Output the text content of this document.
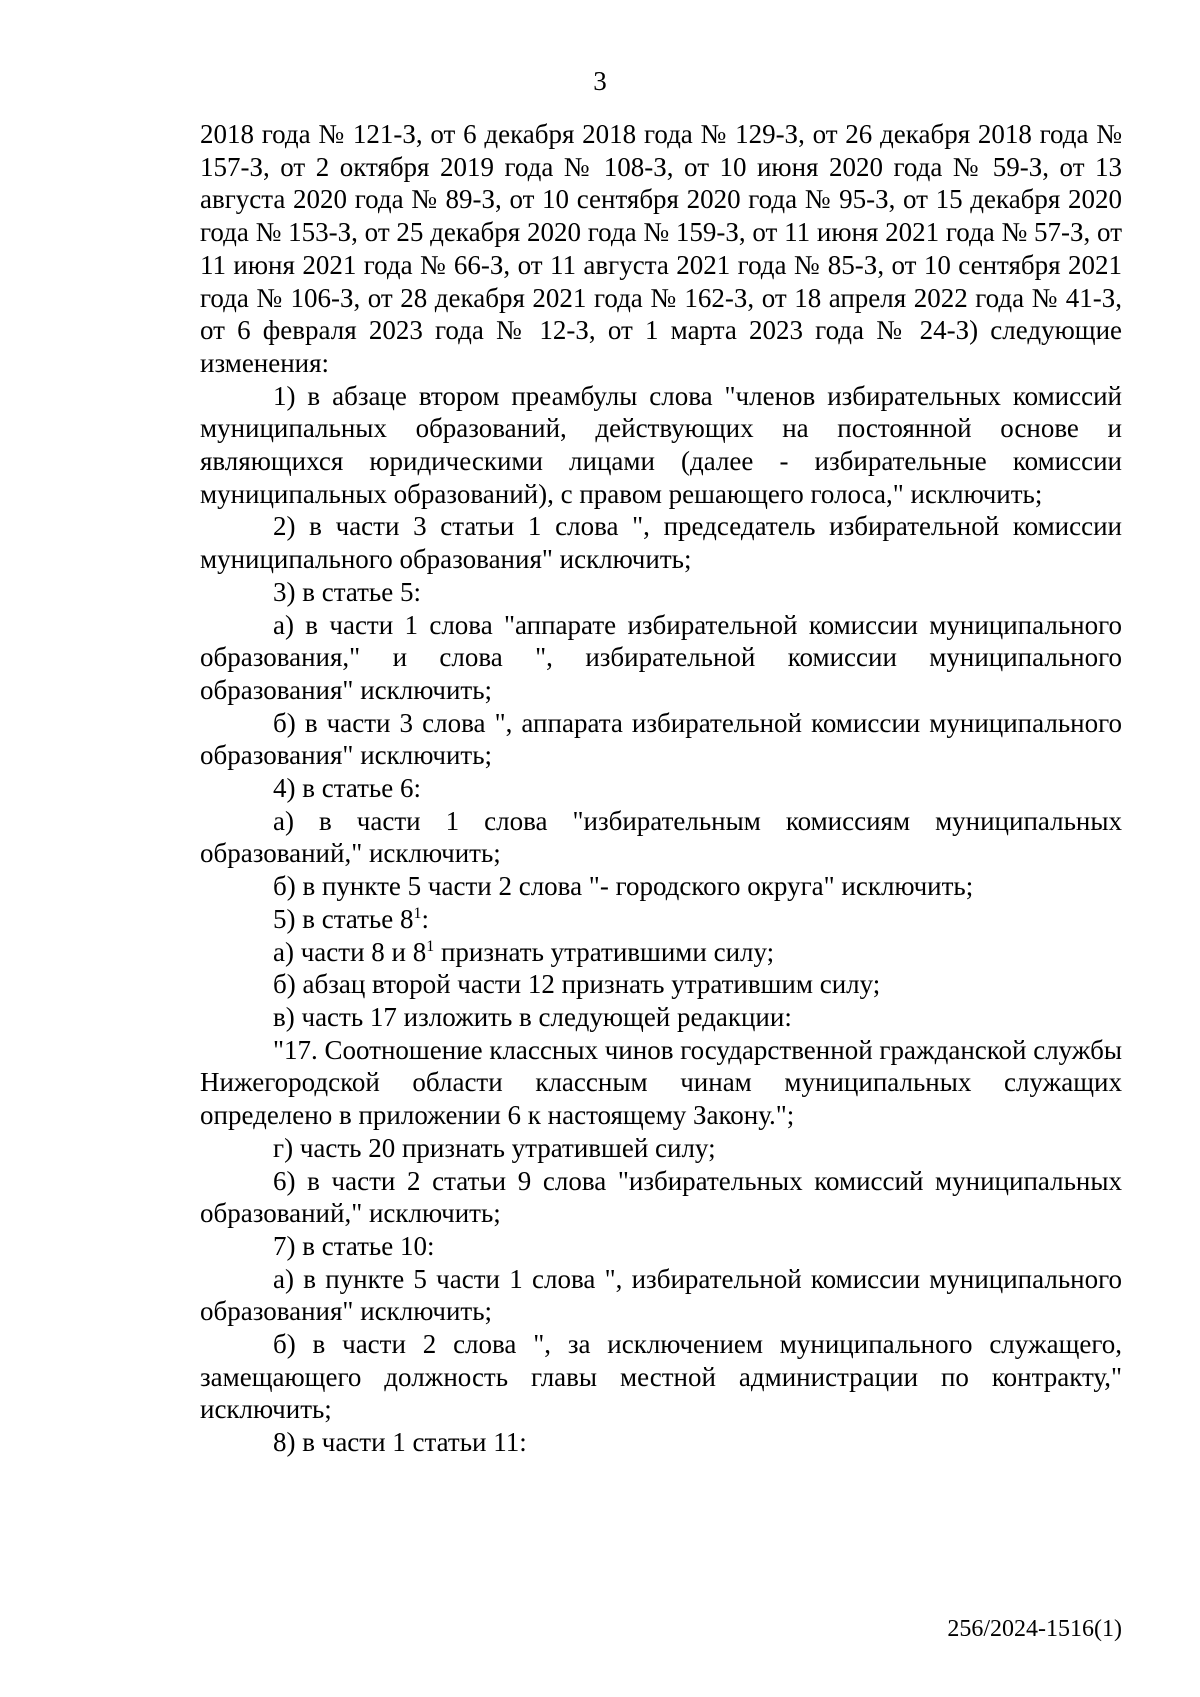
3

2018 года № 121-З, от 6 декабря 2018 года № 129-З, от 26 декабря 2018 года № 157-З, от 2 октября 2019 года № 108-З, от 10 июня 2020 года № 59-З, от 13 августа 2020 года № 89-З, от 10 сентября 2020 года № 95-З, от 15 декабря 2020 года № 153-З, от 25 декабря 2020 года № 159-З, от 11 июня 2021 года № 57-З, от 11 июня 2021 года № 66-З, от 11 августа 2021 года № 85-З, от 10 сентября 2021 года № 106-З, от 28 декабря 2021 года № 162-З, от 18 апреля 2022 года № 41-З, от 6 февраля 2023 года № 12-З, от 1 марта 2023 года № 24-З) следующие изменения:

1) в абзаце втором преамбулы слова "членов избирательных комиссий муниципальных образований, действующих на постоянной основе и являющихся юридическими лицами (далее - избирательные комиссии муниципальных образований), с правом решающего голоса," исключить;

2) в части 3 статьи 1 слова ", председатель избирательной комиссии муниципального образования" исключить;

3) в статье 5:

а) в части 1 слова "аппарате избирательной комиссии муниципального образования," и слова ", избирательной комиссии муниципального образования" исключить;

б) в части 3 слова ", аппарата избирательной комиссии муниципального образования" исключить;

4) в статье 6:

а) в части 1 слова "избирательным комиссиям муниципальных образований," исключить;

б) в пункте 5 части 2 слова "- городского округа" исключить;

5) в статье $8^1$:

а) части 8 и $8^1$ признать утратившими силу;

б) абзац второй части 12 признать утратившим силу;

в) часть 17 изложить в следующей редакции:

"17. Соотношение классных чинов государственной гражданской службы Нижегородской области классным чинам муниципальных служащих определено в приложении 6 к настоящему Закону.";

г) часть 20 признать утратившей силу;

6) в части 2 статьи 9 слова "избирательных комиссий муниципальных образований," исключить;

7) в статье 10:

а) в пункте 5 части 1 слова ", избирательной комиссии муниципального образования" исключить;

б) в части 2 слова ", за исключением муниципального служащего, замещающего должность главы местной администрации по контракту," исключить;

8) в части 1 статьи 11:

256/2024-1516(1)
